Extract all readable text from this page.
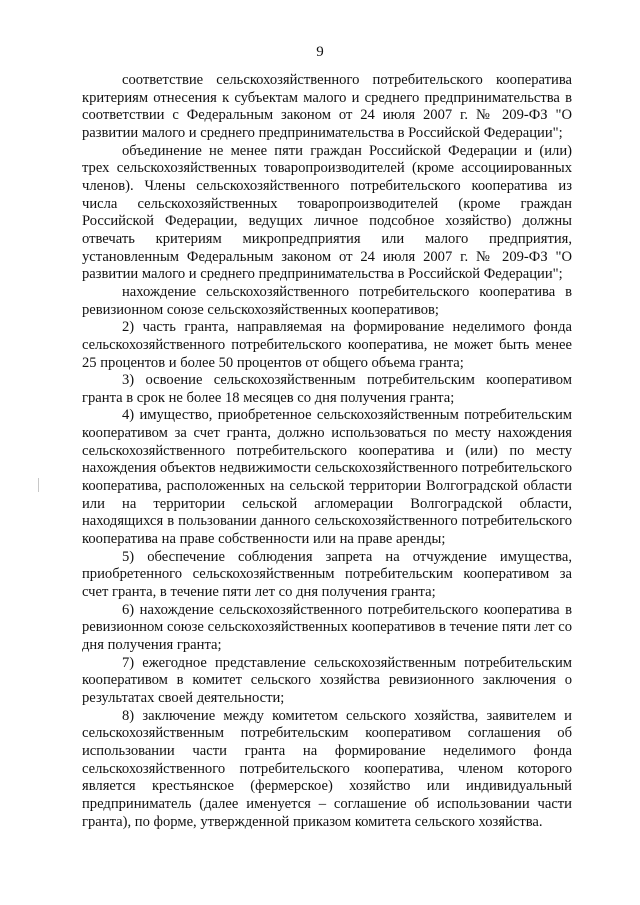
9

соответствие сельскохозяйственного потребительского кооператива критериям отнесения к субъектам малого и среднего предпринимательства в соответствии с Федеральным законом от 24 июля 2007 г. № 209-ФЗ "О развитии малого и среднего предпринимательства в Российской Федерации";

объединение не менее пяти граждан Российской Федерации и (или) трех сельскохозяйственных товаропроизводителей (кроме ассоциированных членов). Члены сельскохозяйственного потребительского кооператива из числа сельскохозяйственных товаропроизводителей (кроме граждан Российской Федерации, ведущих личное подсобное хозяйство) должны отвечать критериям микропредприятия или малого предприятия, установленным Федеральным законом от 24 июля 2007 г. № 209-ФЗ "О развитии малого и среднего предпринимательства в Российской Федерации";

нахождение сельскохозяйственного потребительского кооператива в ревизионном союзе сельскохозяйственных кооперативов;

2) часть гранта, направляемая на формирование неделимого фонда сельскохозяйственного потребительского кооператива, не может быть менее 25 процентов и более 50 процентов от общего объема гранта;

3) освоение сельскохозяйственным потребительским кооперативом гранта в срок не более 18 месяцев со дня получения гранта;

4) имущество, приобретенное сельскохозяйственным потребительским кооперативом за счет гранта, должно использоваться по месту нахождения сельскохозяйственного потребительского кооператива и (или) по месту нахождения объектов недвижимости сельскохозяйственного потребительского кооператива, расположенных на сельской территории Волгоградской области или на территории сельской агломерации Волгоградской области, находящихся в пользовании данного сельскохозяйственного потребительского кооператива на праве собственности или на праве аренды;

5) обеспечение соблюдения запрета на отчуждение имущества, приобретенного сельскохозяйственным потребительским кооперативом за счет гранта, в течение пяти лет со дня получения гранта;

6) нахождение сельскохозяйственного потребительского кооператива в ревизионном союзе сельскохозяйственных кооперативов в течение пяти лет со дня получения гранта;

7) ежегодное представление сельскохозяйственным потребительским кооперативом в комитет сельского хозяйства ревизионного заключения о результатах своей деятельности;

8) заключение между комитетом сельского хозяйства, заявителем и сельскохозяйственным потребительским кооперативом соглашения об использовании части гранта на формирование неделимого фонда сельскохозяйственного потребительского кооператива, членом которого является крестьянское (фермерское) хозяйство или индивидуальный предприниматель (далее именуется – соглашение об использовании части гранта), по форме, утвержденной приказом комитета сельского хозяйства.
